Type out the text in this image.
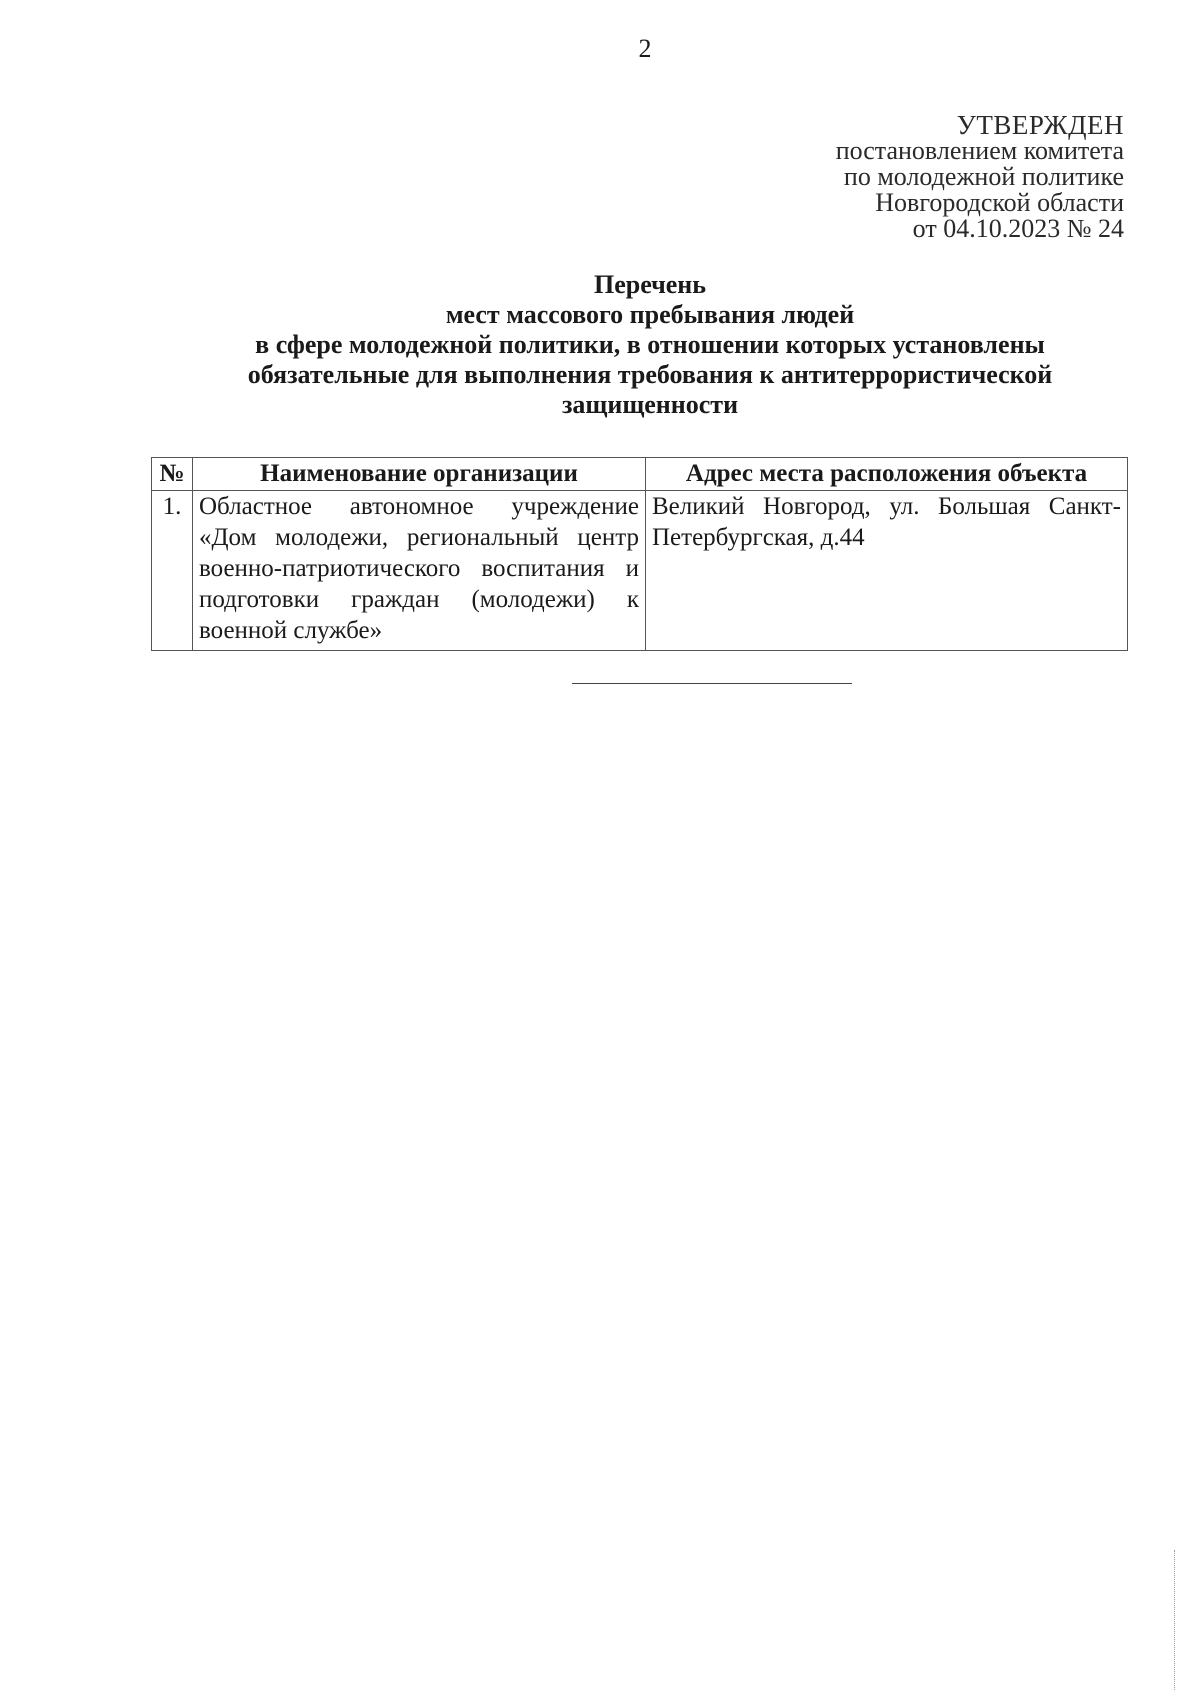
2
УТВЕРЖДЕН
постановлением комитета
по молодежной политике
Новгородской области
от 04.10.2023 № 24
Перечень
мест массового пребывания людей
в сфере молодежной политики, в отношении которых установлены
обязательные для выполнения требования к антитеррористической
защищенности
№	Наименование организации	Адрес места расположения объекта
1.	Областное автономное учреждение «Дом молодежи, региональный центр военно-патриотического воспитания и подготовки граждан (молодежи) к военной службе»	Великий Новгород, ул. Большая Санкт-Петербургская, д.44
